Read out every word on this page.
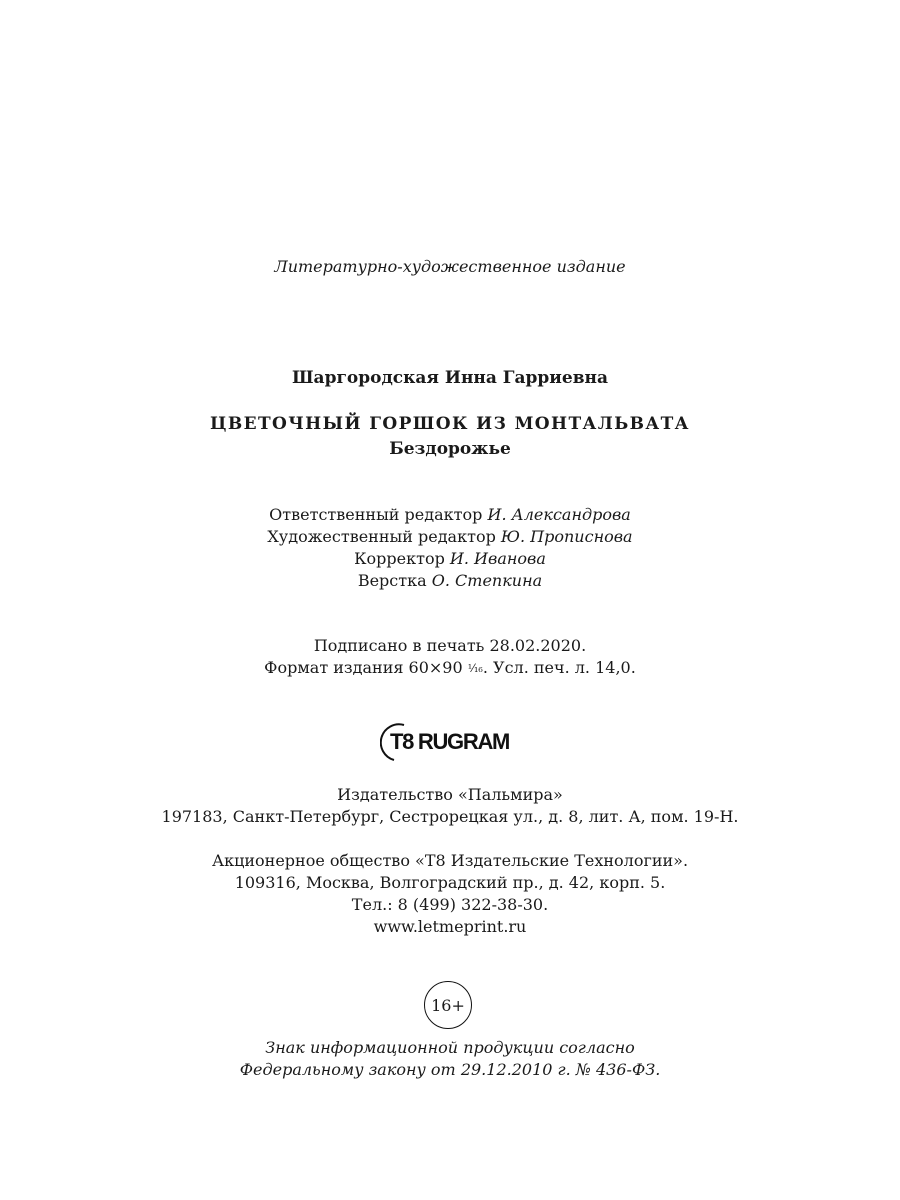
Литературно-художественное издание
Шаргородская Инна Гарриевна
ЦВЕТОЧНЫЙ ГОРШОК ИЗ МОНТАЛЬВАТА
Бездорожье
Ответственный редактор И. Александрова
Художественный редактор Ю. Прописнова
Корректор И. Иванова
Верстка О. Степкина
Подписано в печать 28.02.2020.
Формат издания 60×90 ¹⁄₁₆. Усл. печ. л. 14,0.
T8 RUGRAM
Издательство «Пальмира»
197183, Санкт-Петербург, Сестрорецкая ул., д. 8, лит. А, пом. 19-Н.
Акционерное общество «Т8 Издательские Технологии».
109316, Москва, Волгоградский пр., д. 42, корп. 5.
Тел.: 8 (499) 322-38-30.
www.letmeprint.ru
16+
Знак информационной продукции согласно
Федеральному закону от 29.12.2010 г. № 436-ФЗ.
